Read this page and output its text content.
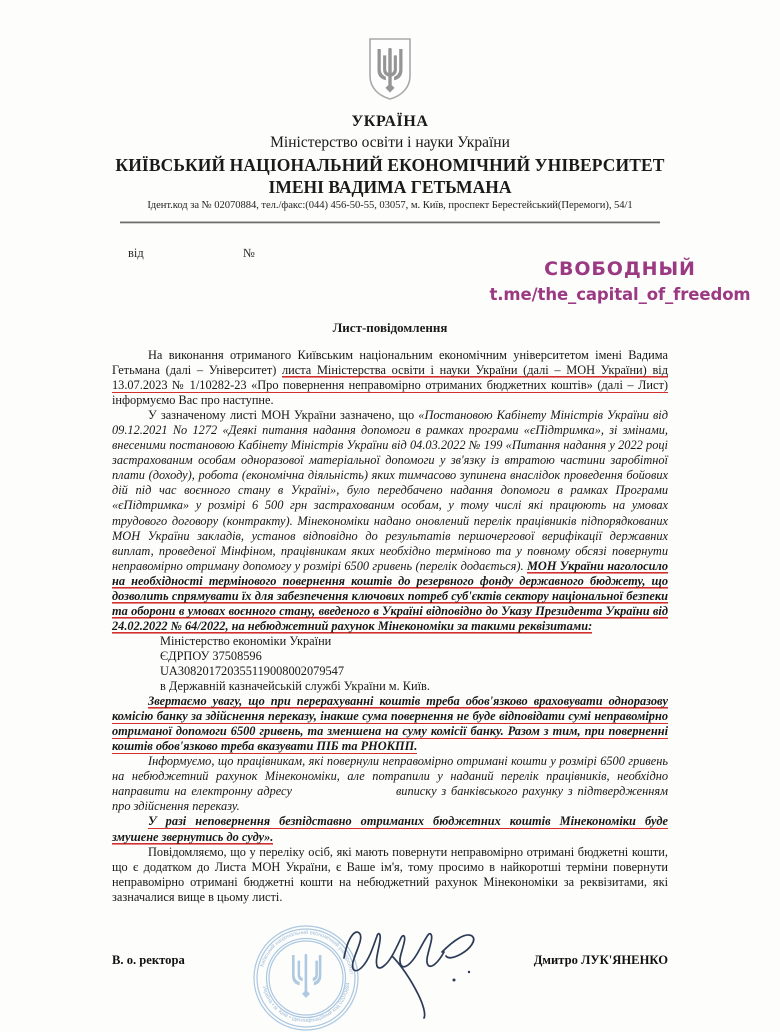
УКРАЇНА
Міністерство освіти і науки України
КИЇВСЬКИЙ НАЦІОНАЛЬНИЙ ЕКОНОМІЧНИЙ УНІВЕРСИТЕТ
ІМЕНІ ВАДИМА ГЕТЬМАНА
Ідент.код за № 02070884, тел./факс:(044) 456-50-55, 03057, м. Київ, проспект Берестейський(Перемоги), 54/1
від	№
СВОБОДНЫЙ
t.me/the_capital_of_freedom
Лист-повідомлення

На виконання отриманого Київським національним економічним університетом імені Вадима Гетьмана (далі – Університет) листа Міністерства освіти і науки України (далі – МОН України) від 13.07.2023 № 1/10282-23 «Про повернення неправомірно отриманих бюджетних коштів» (далі – Лист) інформуємо Вас про наступне.

У зазначеному листі МОН України зазначено, що «Постановою Кабінету Міністрів України від 09.12.2021 No 1272 «Деякі питання надання допомоги в рамках програми «єПідтримка», зі змінами, внесеними постановою Кабінету Міністрів України від 04.03.2022 № 199 «Питання надання у 2022 році застрахованим особам одноразової матеріальної допомоги у зв'язку із втратою частини заробітної плати (доходу), робота (економічна діяльність) яких тимчасово зупинена внаслідок проведення бойових дій під час воєнного стану в Україні», було передбачено надання допомоги в рамках Програми «єПідтримка» у розмірі 6 500 грн застрахованим особам, у тому числі які працюють на умовах трудового договору (контракту). Мінекономіки надано оновлений перелік працівників підпорядкованих МОН України закладів, установ відповідно до результатів першочергової верифікації державних виплат, проведеної Мінфіном, працівникам яких необхідно терміново та у повному обсязі повернути неправомірно отриману допомогу у розмірі 6500 гривень (перелік додається). МОН України наголосило на необхідності термінового повернення коштів до резервного фонду державного бюджету, що дозволить спрямувати їх для забезпечення ключових потреб суб'єктів сектору національної безпеки та оборони в умовах воєнного стану, введеного в Україні відповідно до Указу Президента України від 24.02.2022 № 64/2022, на небюджетний рахунок Мінекономіки за такими реквізитами:

Міністерство економіки України

ЄДРПОУ 37508596

UA308201720355119008002079547

в Державній казначейській службі України м. Київ.

Звертаємо увагу, що при перерахуванні коштів треба обов'язково враховувати одноразову комісію банку за здійснення переказу, інакше сума повернення не буде відповідати сумі неправомірно отриманої допомоги 6500 гривень, та зменшена на суму комісії банку. Разом з тим, при поверненні коштів обов'язково треба вказувати ПІБ та РНОКПП.

Інформуємо, що працівникам, які повернули неправомірно отримані кошти у розмірі 6500 гривень на небюджетний рахунок Мінекономіки, але потрапили у наданий перелік працівників, необхідно направити на електронну адресу	виписку з банківського рахунку з підтвердженням про здійснення переказу.

У разі неповернення безпідставно отриманих бюджетних коштів Мінекономіки буде змушене звернутись до суду».

Повідомляємо, що у переліку осіб, які мають повернути неправомірно отримані бюджетні кошти, що є додатком до Листа МОН України, є Ваше ім'я, тому просимо в найкоротші терміни повернути неправомірно отримані бюджетні кошти на небюджетний рахунок Мінекономіки за реквізитами, які зазначалися вище в цьому листі.

Київський національний економічний університет
Україна • м. Київ • ідентифікаційний код 02070884
В. о. ректора	Дмитро ЛУК'ЯНЕНКО
